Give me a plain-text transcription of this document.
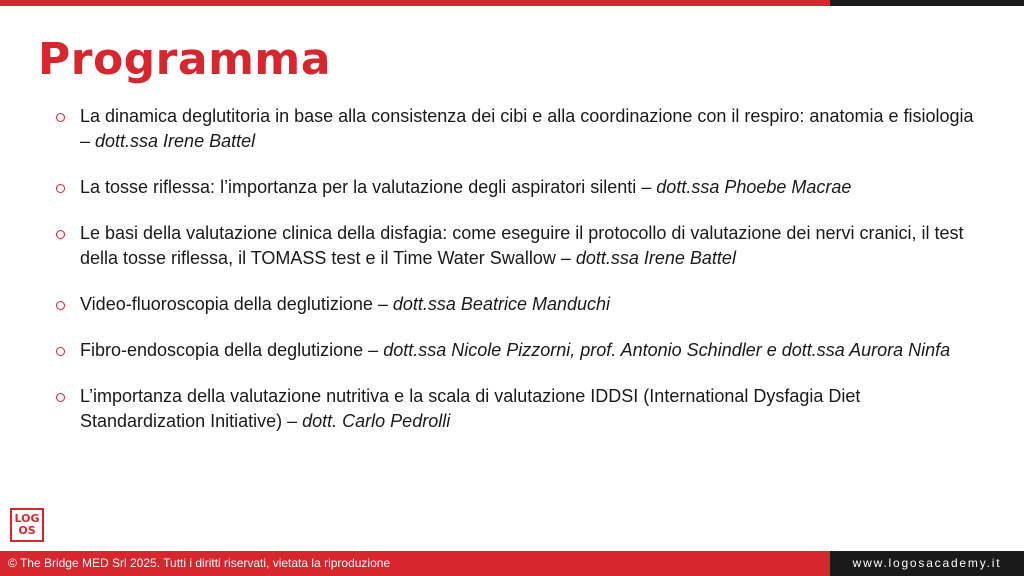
Programma
La dinamica deglutitoria in base alla consistenza dei cibi e alla coordinazione con il respiro: anatomia e fisiologia – dott.ssa Irene Battel
La tosse riflessa: l’importanza per la valutazione degli aspiratori silenti – dott.ssa Phoebe Macrae
Le basi della valutazione clinica della disfagia: come eseguire il protocollo di valutazione dei nervi cranici, il test della tosse riflessa, il TOMASS test e il Time Water Swallow – dott.ssa Irene Battel
Video-fluoroscopia della deglutizione – dott.ssa Beatrice Manduchi
Fibro-endoscopia della deglutizione – dott.ssa Nicole Pizzorni, prof. Antonio Schindler e dott.ssa Aurora Ninfa
L’importanza della valutazione nutritiva e la scala di valutazione IDDSI (International Dysfagia Diet Standardization Initiative) – dott. Carlo Pedrolli
LOG
OS
© The Bridge MED Srl 2025. Tutti i diritti riservati, vietata la riproduzione	www.logosacademy.it
